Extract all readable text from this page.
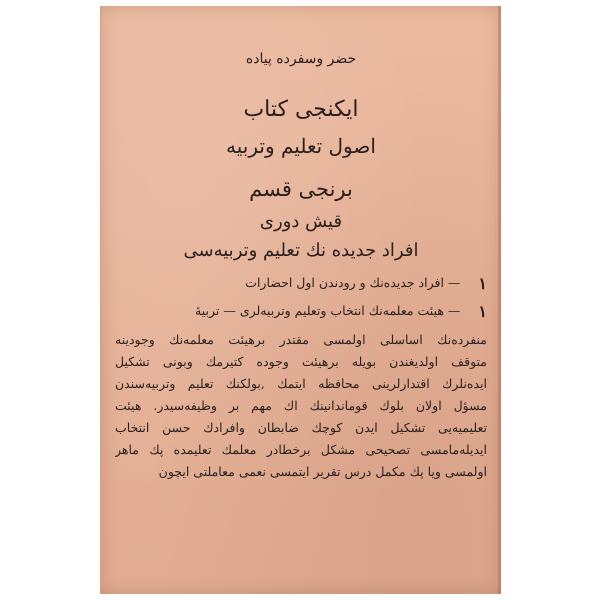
حضر وسفرده پیاده
ایکنجی کتاب
اصول تعلیم وتربیه
برنجی قسم
قیش دوری
افراد جدیده نك تعلیم وتربیه‌سی
١— افراد جدیده‌نك و رودندن اول احضارات
١— هیئت معلمه‌نك انتخاب وتعلیم وتربیه‌لری — تربیهٔ
منفرده‌نك اساسلی اولمسی مقتدر برهیئت معلمه‌نك وجودینه
متوقف اولدیغندن بویله برهیئت وجوده کتیرمك وبونی تشکیل
ایده‌نلرك اقتدارلرینی محافظه ایتمك ,بولکنك تعلیم وتربیه‌سندن
مسؤل اولان بلوك قوماندانینك اك مهم بر وظیفه‌سیدر. هیئت
تعلیمیه‌یی تشکیل ایدن کوچك ضابطان وافرادك حسن انتخاب
ایدیله‌مامسی تصحیحی مشکل برخطادر معلمك تعلیمده پك ماهر
اولمسی ویا پك مکمل درس تقریر ایتمسی نعمی معاملتی ایچون
